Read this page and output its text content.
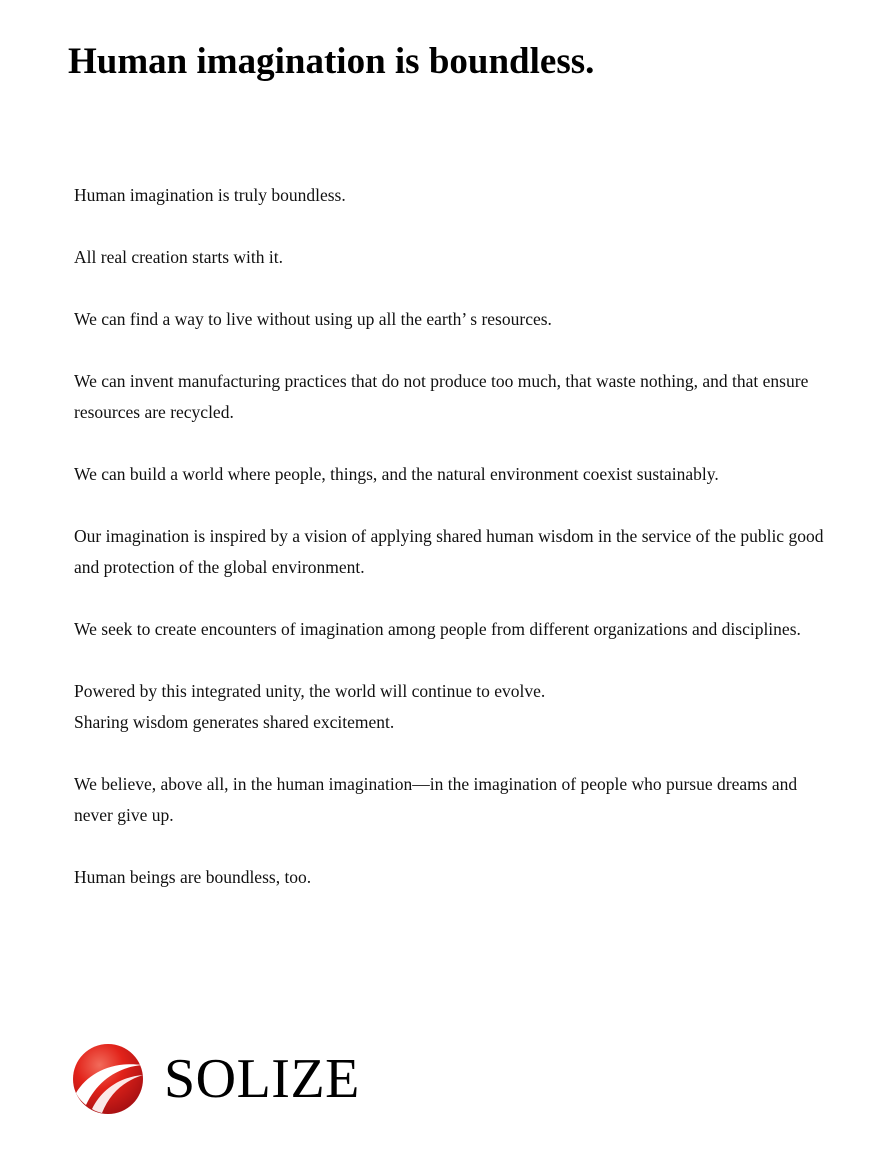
Human imagination is boundless.

Human imagination is truly boundless.

All real creation starts with it.

We can find a way to live without using up all the earth’ s resources.

We can invent manufacturing practices that do not produce too much, that waste nothing, and that ensure resources are recycled.

We can build a world where people, things, and the natural environment coexist sustainably.

Our imagination is inspired by a vision of applying shared human wisdom in the service of the public good and protection of the global environment.

We seek to create encounters of imagination among people from different organizations and disciplines.

Powered by this integrated unity, the world will continue to evolve.
Sharing wisdom generates shared excitement.

We believe, above all, in the human imagination—in the imagination of people who pursue dreams and never give up.

Human beings are boundless, too.

SOLIZE
